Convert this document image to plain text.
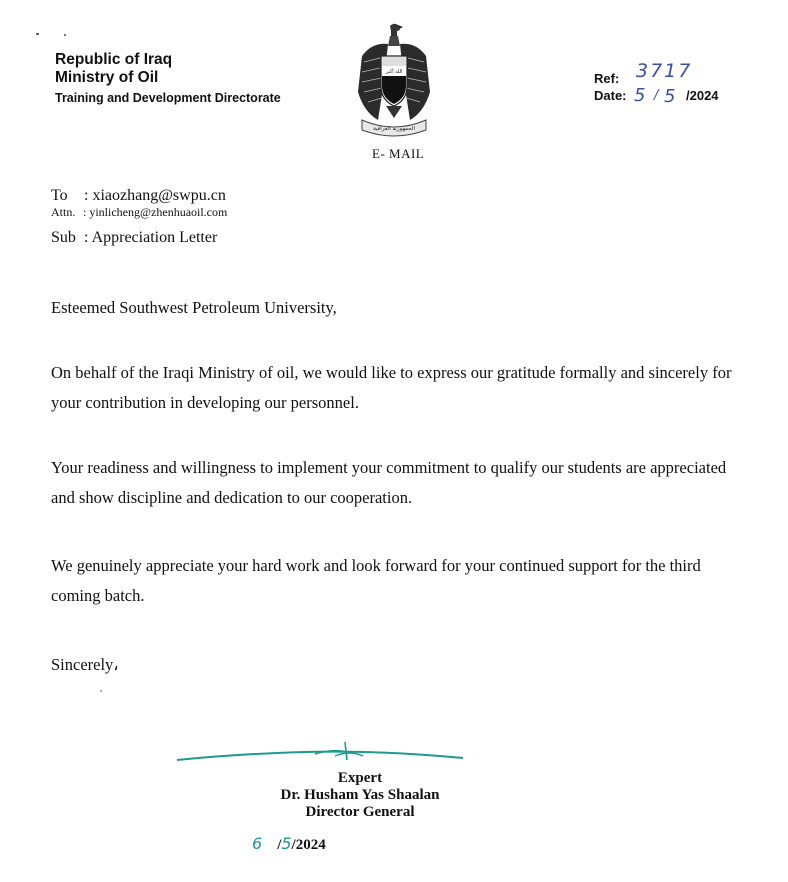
Republic of Iraq
Ministry of Oil
Training and Development Directorate
الله أكبر
الجمهورية العراقية
Ref: 3717
Date: 5 / 5 /2024
E- MAIL
To : xiaozhang@swpu.cn
Attn. : yinlicheng@zhenhuaoil.com
Sub : Appreciation Letter
Esteemed Southwest Petroleum University,

On behalf of the Iraqi Ministry of oil, we would like to express our gratitude formally and sincerely for your contribution in developing our personnel.

Your readiness and willingness to implement your commitment to qualify our students are appreciated and show discipline and dedication to our cooperation.

We genuinely appreciate your hard work and look forward for your continued support for the third coming batch.

Sincerely،
Expert
Dr. Husham Yas Shaalan
Director General
6 /5/2024
